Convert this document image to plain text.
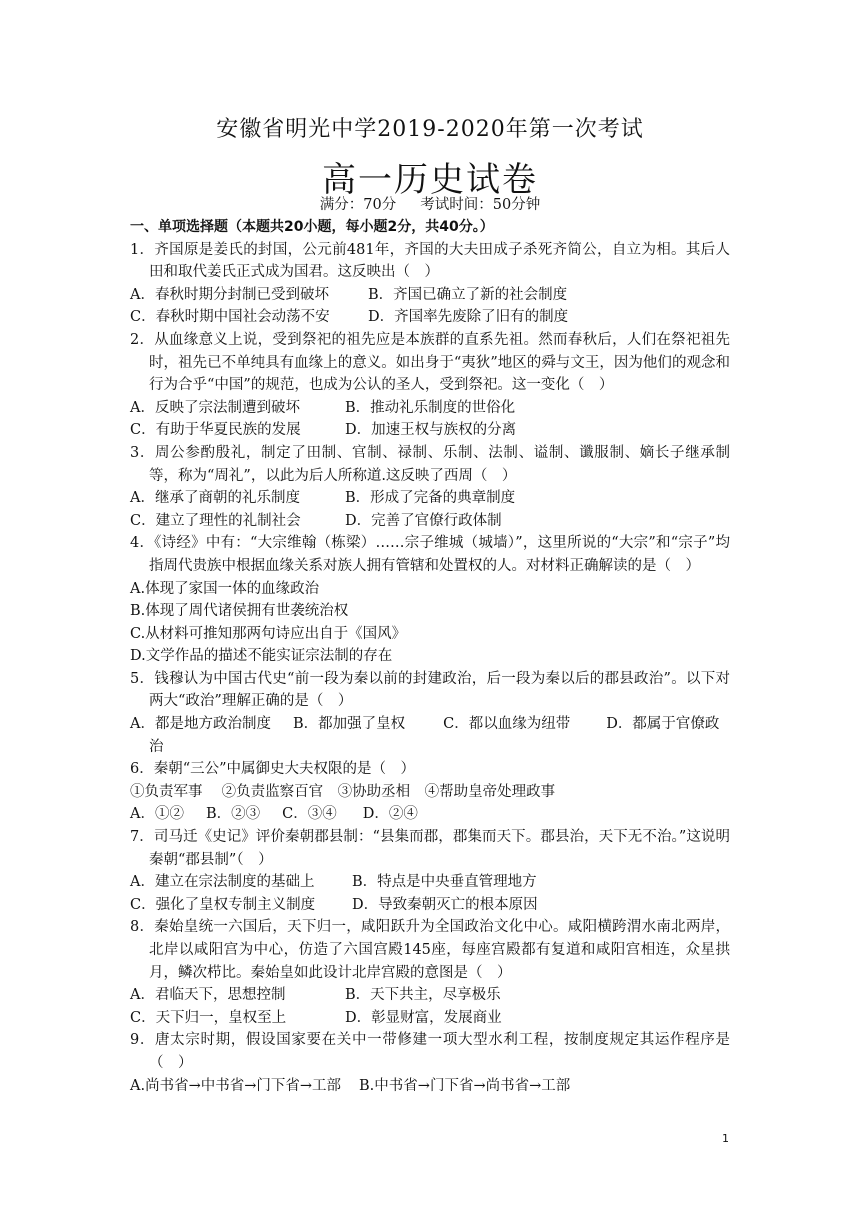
安徽省明光中学2019-2020年第一次考试
高一历史试卷
满分：70分 考试时间：50分钟
一、单项选择题（本题共20小题，每小题2分，共40分。）
1．齐国原是姜氏的封国，公元前481年，齐国的大夫田成子杀死齐简公，自立为相。其后人田和取代姜氏正式成为国君。这反映出（　）
A．春秋时期分封制已受到破坏	B．齐国已确立了新的社会制度
C．春秋时期中国社会动荡不安	D．齐国率先废除了旧有的制度
2．从血缘意义上说，受到祭祀的祖先应是本族群的直系先祖。然而春秋后，人们在祭祀祖先时，祖先已不单纯具有血缘上的意义。如出身于“夷狄”地区的舜与文王，因为他们的观念和行为合乎“中国”的规范，也成为公认的圣人，受到祭祀。这一变化（　）
A．反映了宗法制遭到破坏	B．推动礼乐制度的世俗化
C．有助于华夏民族的发展	D．加速王权与族权的分离
3．周公参酌殷礼，制定了田制、官制、禄制、乐制、法制、谥制、谶服制、嫡长子继承制等，称为“周礼”，以此为后人所称道.这反映了西周（　）
A．继承了商朝的礼乐制度	B．形成了完备的典章制度
C．建立了理性的礼制社会	D．完善了官僚行政体制
4．《诗经》中有：“大宗维翰（栋梁）……宗子维城（城墙）”，这里所说的“大宗”和“宗子”均指周代贵族中根据血缘关系对族人拥有管辖和处置权的人。对材料正确解读的是（　）
A.体现了家国一体的血缘政治
B.体现了周代诸侯拥有世袭统治权
C.从材料可推知那两句诗应出自于《国风》
D.文学作品的描述不能实证宗法制的存在
5．钱穆认为中国古代史“前一段为秦以前的封建政治，后一段为秦以后的郡县政治”。以下对两大“政治”理解正确的是（　）
A．都是地方政治制度 B．都加强了皇权	C．都以血缘为纽带 D．都属于官僚政治
6．秦朝“三公”中属御史大夫权限的是（　）
①负责军事　 ②负责监察百官　③协助丞相　④帮助皇帝处理政事
A．①② B．②③ C．③④ D．②④
7．司马迁《史记》评价秦朝郡县制：“县集而郡，郡集而天下。郡县治，天下无不治。”这说明秦朝“郡县制”（　）
A．建立在宗法制度的基础上	B．特点是中央垂直管理地方
C．强化了皇权专制主义制度	D．导致秦朝灭亡的根本原因
8．秦始皇统一六国后，天下归一，咸阳跃升为全国政治文化中心。咸阳横跨渭水南北两岸，北岸以咸阳宫为中心，仿造了六国宫殿145座，每座宫殿都有复道和咸阳宫相连，众星拱月，鳞次栉比。秦始皇如此设计北岸宫殿的意图是（　）
A．君临天下，思想控制	B．天下共主，尽享极乐
C．天下归一，皇权至上	D．彰显财富，发展商业
9．唐太宗时期，假设国家要在关中一带修建一项大型水利工程，按制度规定其运作程序是（　）
A.尚书省→中书省→门下省→工部 B.中书省→门下省→尚书省→工部
1
